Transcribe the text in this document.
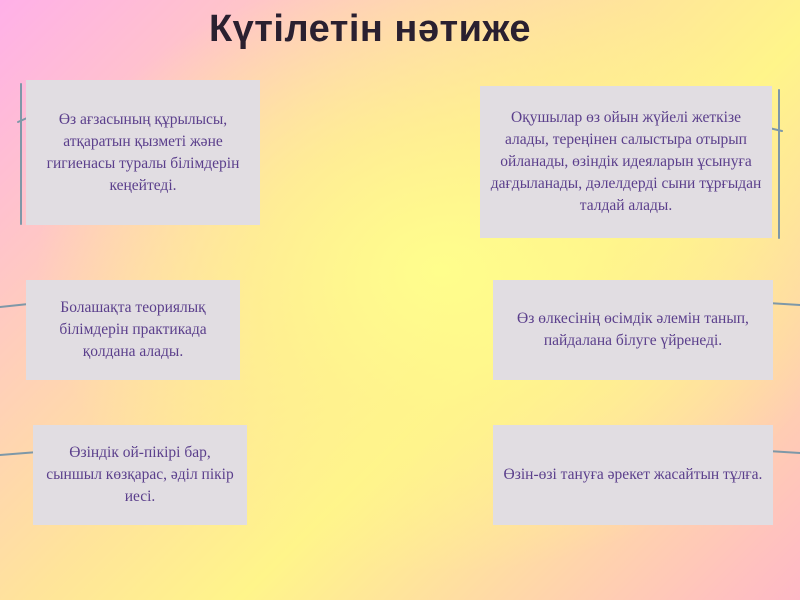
Күтілетін нәтиже
Өз ағзасының құрылысы, атқаратын қызметі және гигиенасы туралы білімдерін кеңейтеді.
Оқушылар өз ойын жүйелі жеткізе алады, тереңінен салыстыра отырып ойланады, өзіндік идеяларын ұсынуға дағдыланады, дәлелдерді сыни тұрғыдан талдай алады.
Болашақта теориялық білімдерін практикада қолдана алады.
Өз өлкесінің өсімдік әлемін танып, пайдалана білуге үйренеді.
Өзіндік ой-пікірі бар, сыншыл көзқарас, әділ пікір иесі.
Өзін-өзі тануға әрекет жасайтын тұлға.
